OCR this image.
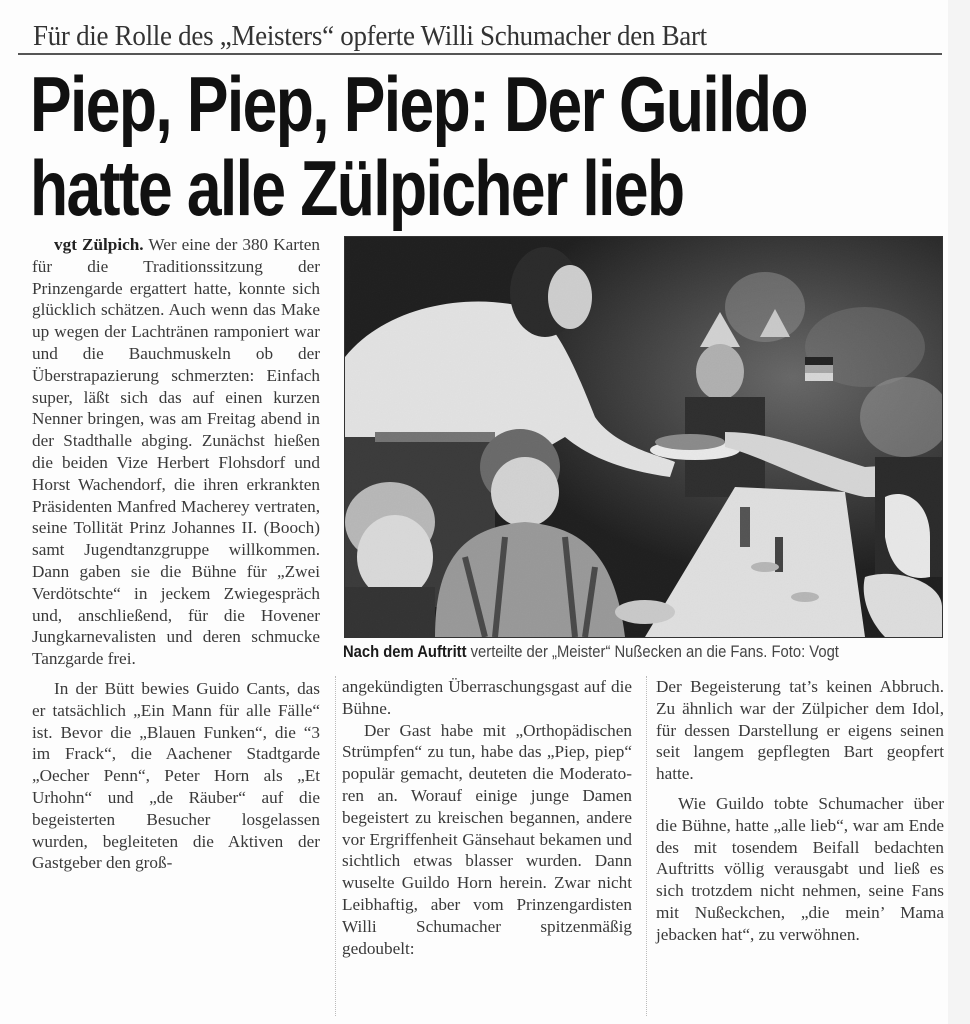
Für die Rolle des „Meisters“ opferte Willi Schumacher den Bart
Piep, Piep, Piep: Der Guildo
hatte alle Zülpicher lieb

vgt Zülpich. Wer eine der 380 Karten für die Traditionssitzung der Prinzengarde ergattert hatte, konnte sich glücklich schätzen. Auch wenn das Make up wegen der Lachtränen ramponiert war und die Bauchmuskeln ob der Überstrapazierung schmerzten: Einfach super, läßt sich das auf einen kurzen Nenner bringen, was am Freitag abend in der Stadthalle abging. Zunächst hießen die beiden Vize Herbert Flohsdorf und Horst Wachendorf, die ihren erkrankten Präsidenten Manfred Macherey vertraten, seine Tollität Prinz Johannes II. (Booch) samt Jugendtanzgruppe willkommen. Dann gaben sie die Bühne für „Zwei Verdötschte“ in jeckem Zwiegespräch und, anschließend, für die Hovener Jungkarnevalisten und deren schmucke Tanzgarde frei.

In der Bütt bewies Guido Cants, das er tatsächlich „Ein Mann für alle Fälle“ ist. Bevor die „Blauen Funken“, die “3 im Frack“, die Aachener Stadtgarde „Oecher Penn“, Peter Horn als „Et Urhohn“ und „de Räuber“ auf die begeisterten Besucher losgelassen wurden, begleiteten die Aktiven der Gastgeber den groß-

Nach dem Auftritt verteilte der „Meister“ Nußecken an die Fans. Foto: Vogt

angekündigten Überraschungsgast auf die Bühne.

Der Gast habe mit „Orthopädischen Strümpfen“ zu tun, habe das „Piep, piep“ populär gemacht, deuteten die Moderatoren an. Worauf einige junge Damen begeistert zu kreischen begannen, andere vor Ergriffenheit Gänsehaut bekamen und sichtlich etwas blasser wurden. Dann wuselte Guildo Horn herein. Zwar nicht Leibhaftig, aber vom Prinzengardisten Willi Schumacher spitzenmäßig gedoubelt:

Der Begeisterung tat’s keinen Abbruch. Zu ähnlich war der Zülpicher dem Idol, für dessen Darstellung er eigens seinen seit langem gepflegten Bart geopfert hatte.

Wie Guildo tobte Schumacher über die Bühne, hatte „alle lieb“, war am Ende des mit tosendem Beifall bedachten Auftritts völlig verausgabt und ließ es sich trotzdem nicht nehmen, seine Fans mit Nußeckchen, „die mein’ Mama jebacken hat“, zu verwöhnen.
